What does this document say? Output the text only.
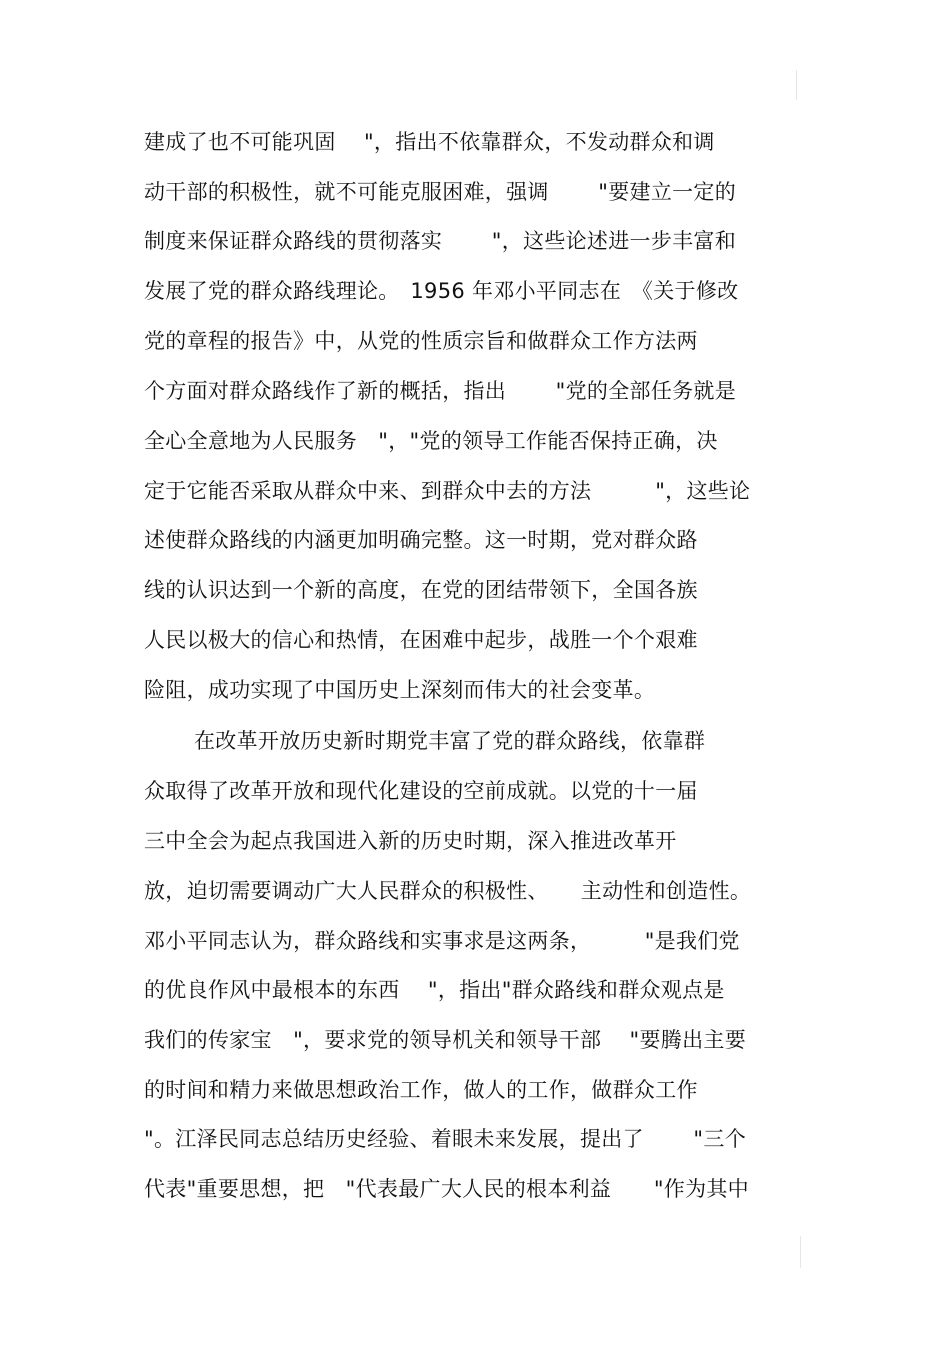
建成了也不可能巩固　 "，指出不依靠群众，不发动群众和调
动干部的积极性，就不可能克服困难，强调　　 "要建立一定的
制度来保证群众路线的贯彻落实　　 "，这些论述进一步丰富和
发展了党的群众路线理论。　1956 年邓小平同志在　《关于修改
党的章程的报告》中，从党的性质宗旨和做群众工作方法两
个方面对群众路线作了新的概括，指出　　 "党的全部任务就是
全心全意地为人民服务　"，"党的领导工作能否保持正确，决
定于它能否采取从群众中来、到群众中去的方法　　　"，这些论
述使群众路线的内涵更加明确完整。这一时期，党对群众路
线的认识达到一个新的高度，在党的团结带领下，全国各族
人民以极大的信心和热情，在困难中起步，战胜一个个艰难
险阻，成功实现了中国历史上深刻而伟大的社会变革。
在改革开放历史新时期党丰富了党的群众路线，依靠群
众取得了改革开放和现代化建设的空前成就。以党的十一届
三中全会为起点我国进入新的历史时期，深入推进改革开
放，迫切需要调动广大人民群众的积极性、　　主动性和创造性。
邓小平同志认为，群众路线和实事求是这两条，　　　"是我们党
的优良作风中最根本的东西　 "，指出"群众路线和群众观点是
我们的传家宝　"，要求党的领导机关和领导干部　 "要腾出主要
的时间和精力来做思想政治工作，做人的工作，做群众工作
"。江泽民同志总结历史经验、着眼未来发展，提出了　　 "三个
代表"重要思想，把　"代表最广大人民的根本利益　　"作为其中
